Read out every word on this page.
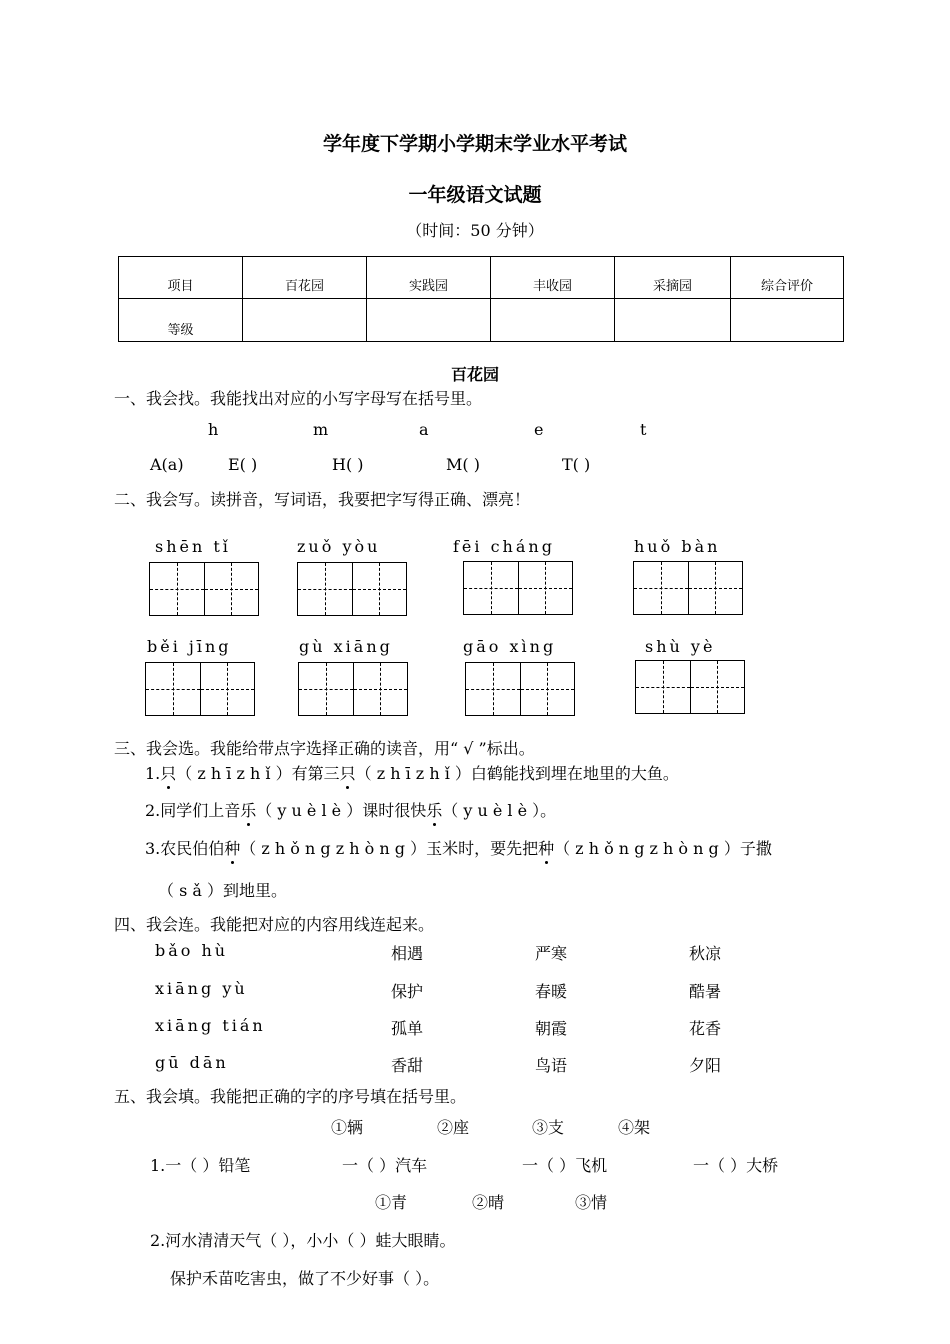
学年度下学期小学期末学业水平考试
一年级语文试题
（时间：50 分钟）
项目	百花园	实践园	丰收园	采摘园	综合评价
等级					
百花园
一、我会找。我能找出对应的小写字母写在括号里。
h	m	a	e	t
A(a)	E( )	H( )	M( )	T( )
二、我会写。读拼音，写词语，我要把字写得正确、漂亮！
shēn tǐ	zuǒ yòu	fēi cháng	huǒ bàn
běi jīng	gù xiāng	gāo xìng	shù yè
三、我会选。我能给带点字选择正确的读音，用“ √ ”标出。
1.只（ z h ī z h ǐ ）有第三只（ z h ī z h ǐ ）白鹤能找到埋在地里的大鱼。
2.同学们上音乐（ y u è l è ）课时很快乐（ y u è l è ）。
3.农民伯伯种（ z h ǒ n g z h ò n g ）玉米时，要先把种（ z h ǒ n g z h ò n g ）子撒
（ s ǎ ）到地里。
四、我会连。我能把对应的内容用线连起来。
bǎo hù	相遇	严寒	秋凉
xiāng yù	保护	春暖	酷暑
xiāng tián	孤单	朝霞	花香
gū dān	香甜	鸟语	夕阳
五、我会填。我能把正确的字的序号填在括号里。
①辆	②座	③支	④架
1.一（ ）铅笔	一（ ）汽车	一（ ）飞机	一（ ）大桥
①青	②晴	③情
2.河水清清天气（ ），小小（ ）蛙大眼睛。
保护禾苗吃害虫，做了不少好事（ ）。
